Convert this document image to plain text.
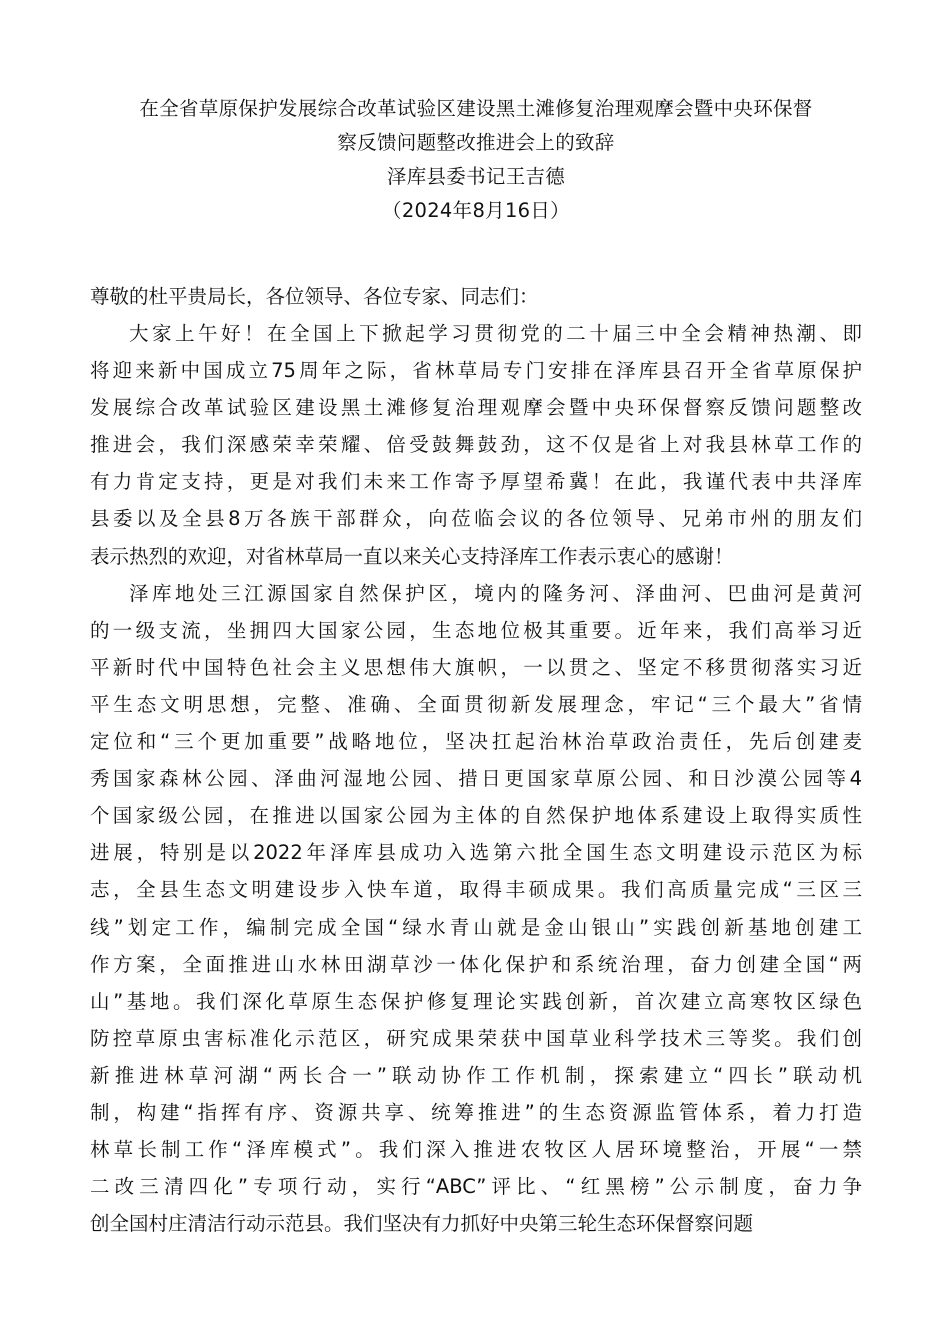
在全省草原保护发展综合改革试验区建设黑土滩修复治理观摩会暨中央环保督
察反馈问题整改推进会上的致辞
泽库县委书记王吉德
（2024年8月16日）
尊敬的杜平贵局长，各位领导、各位专家、同志们：
大家上午好！在全国上下掀起学习贯彻党的二十届三中全会精神热潮、即
将迎来新中国成立75周年之际，省林草局专门安排在泽库县召开全省草原保护
发展综合改革试验区建设黑土滩修复治理观摩会暨中央环保督察反馈问题整改
推进会，我们深感荣幸荣耀、倍受鼓舞鼓劲，这不仅是省上对我县林草工作的
有力肯定支持，更是对我们未来工作寄予厚望希冀！在此，我谨代表中共泽库
县委以及全县8万各族干部群众，向莅临会议的各位领导、兄弟市州的朋友们
表示热烈的欢迎，对省林草局一直以来关心支持泽库工作表示衷心的感谢！
泽库地处三江源国家自然保护区，境内的隆务河、泽曲河、巴曲河是黄河
的一级支流，坐拥四大国家公园，生态地位极其重要。近年来，我们高举习近
平新时代中国特色社会主义思想伟大旗帜，一以贯之、坚定不移贯彻落实习近
平生态文明思想，完整、准确、全面贯彻新发展理念，牢记“三个最大”省情
定位和“三个更加重要”战略地位，坚决扛起治林治草政治责任，先后创建麦
秀国家森林公园、泽曲河湿地公园、措日更国家草原公园、和日沙漠公园等4
个国家级公园，在推进以国家公园为主体的自然保护地体系建设上取得实质性
进展，特别是以2022年泽库县成功入选第六批全国生态文明建设示范区为标
志，全县生态文明建设步入快车道，取得丰硕成果。我们高质量完成“三区三
线”划定工作，编制完成全国“绿水青山就是金山银山”实践创新基地创建工
作方案，全面推进山水林田湖草沙一体化保护和系统治理，奋力创建全国“两
山”基地。我们深化草原生态保护修复理论实践创新，首次建立高寒牧区绿色
防控草原虫害标准化示范区，研究成果荣获中国草业科学技术三等奖。我们创
新推进林草河湖“两长合一”联动协作工作机制，探索建立“四长”联动机
制，构建“指挥有序、资源共享、统筹推进”的生态资源监管体系，着力打造
林草长制工作“泽库模式”。我们深入推进农牧区人居环境整治，开展“一禁
二改三清四化”专项行动，实行“ABC”评比、“红黑榜”公示制度，奋力争
创全国村庄清洁行动示范县。我们坚决有力抓好中央第三轮生态环保督察问题
